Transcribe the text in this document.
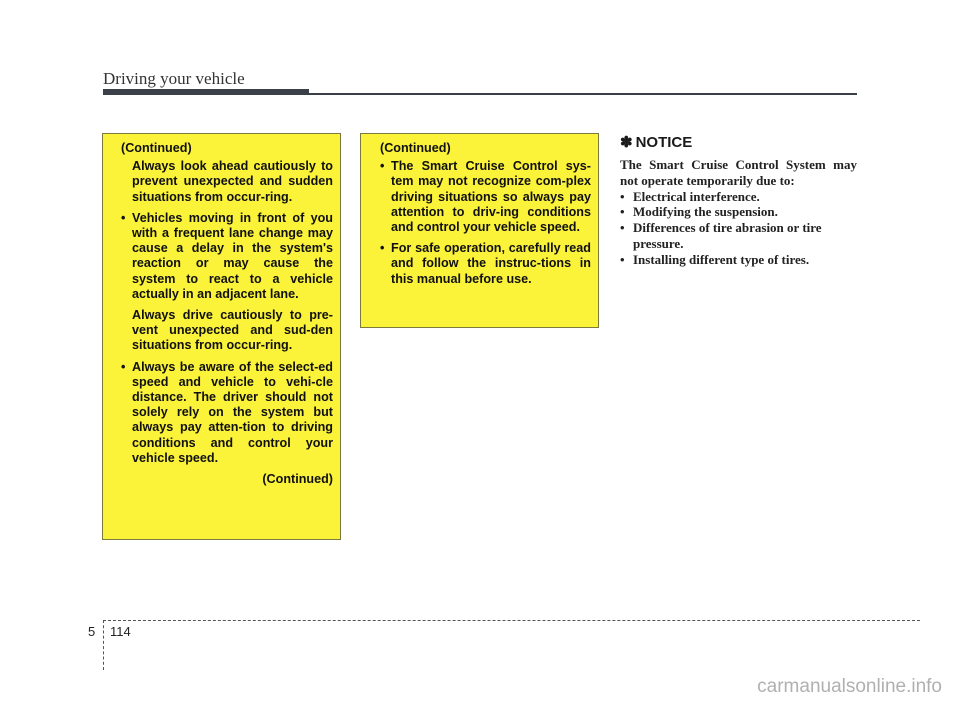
Driving your vehicle
(Continued)
Always look ahead cautiously to prevent unexpected and sudden situations from occur-ring.
• Vehicles moving in front of you with a frequent lane change may cause a delay in the system's reaction or may cause the system to react to a vehicle actually in an adjacent lane.
Always drive cautiously to pre-vent unexpected and sud-den situations from occur-ring.
• Always be aware of the select-ed speed and vehicle to vehi-cle distance. The driver should not solely rely on the system but always pay atten-tion to driving conditions and control your vehicle speed.
(Continued)
(Continued)
• The Smart Cruise Control sys-tem may not recognize com-plex driving situations so always pay attention to driv-ing conditions and control your vehicle speed.
• For safe operation, carefully read and follow the instruc-tions in this manual before use.
✽ NOTICE
The Smart Cruise Control System may not operate temporarily due to:
• Electrical interference.
• Modifying the suspension.
• Differences of tire abrasion or tire pressure.
• Installing different type of tires.
5 114
carmanualsonline.info
